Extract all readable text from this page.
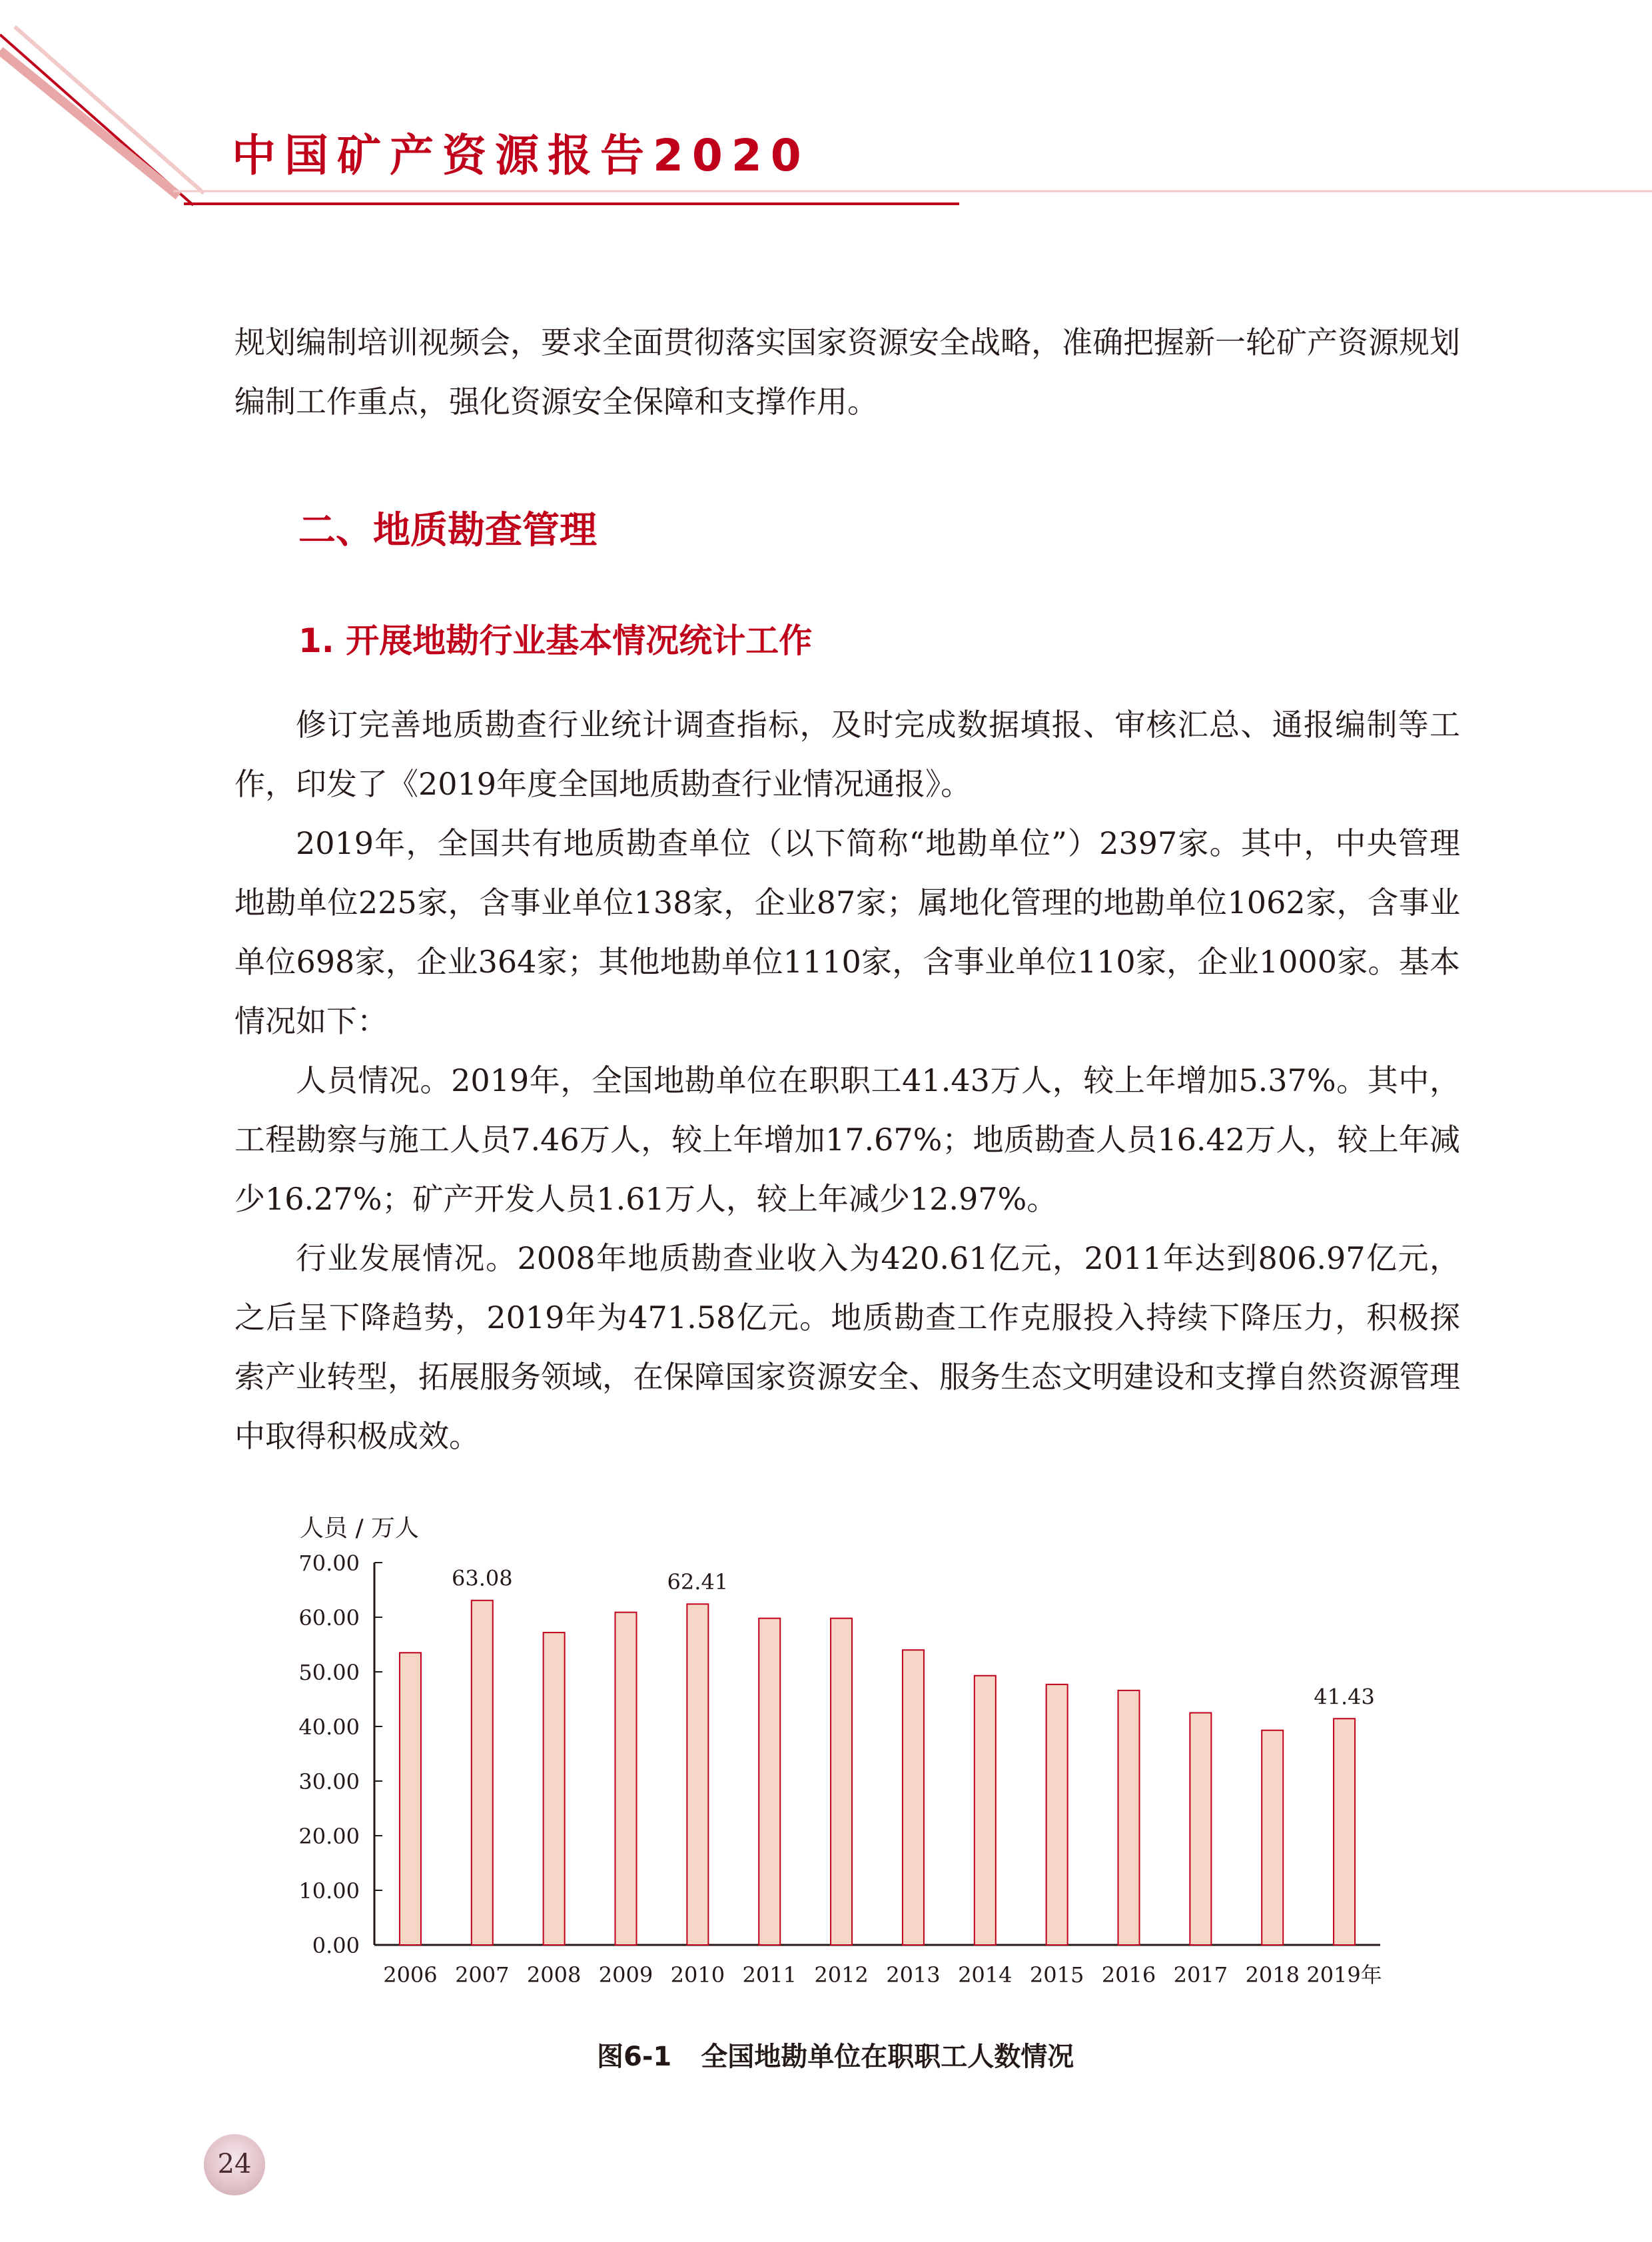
中国矿产资源报告2020

规划编制培训视频会，要求全面贯彻落实国家资源安全战略，准确把握新一轮矿产资源规划编制工作重点，强化资源安全保障和支撑作用。

二、地质勘查管理
1. 开展地勘行业基本情况统计工作

修订完善地质勘查行业统计调查指标，及时完成数据填报、审核汇总、通报编制等工作，印发了《2019年度全国地质勘查行业情况通报》。

2019年，全国共有地质勘查单位（以下简称“地勘单位”）2397家。其中，中央管理地勘单位225家，含事业单位138家，企业87家；属地化管理的地勘单位1062家，含事业单位698家，企业364家；其他地勘单位1110家，含事业单位110家，企业1000家。基本情况如下：

人员情况。2019年，全国地勘单位在职职工41.43万人，较上年增加5.37%。其中，工程勘察与施工人员7.46万人，较上年增加17.67%；地质勘查人员16.42万人，较上年减少16.27%；矿产开发人员1.61万人，较上年减少12.97%。

行业发展情况。2008年地质勘查业收入为420.61亿元，2011年达到806.97亿元，之后呈下降趋势，2019年为471.58亿元。地质勘查工作克服投入持续下降压力，积极探索产业转型，拓展服务领域，在保障国家资源安全、服务生态文明建设和支撑自然资源管理中取得积极成效。

人员 / 万人
0.00
10.00
20.00
30.00
40.00
50.00
60.00
70.00
2006 2007 2008 2009 2010 2011 2012 2013 2014 2015 2016 2017 2018 2019年
63.08	62.41
41.43
图6-1 全国地勘单位在职职工人数情况
24
